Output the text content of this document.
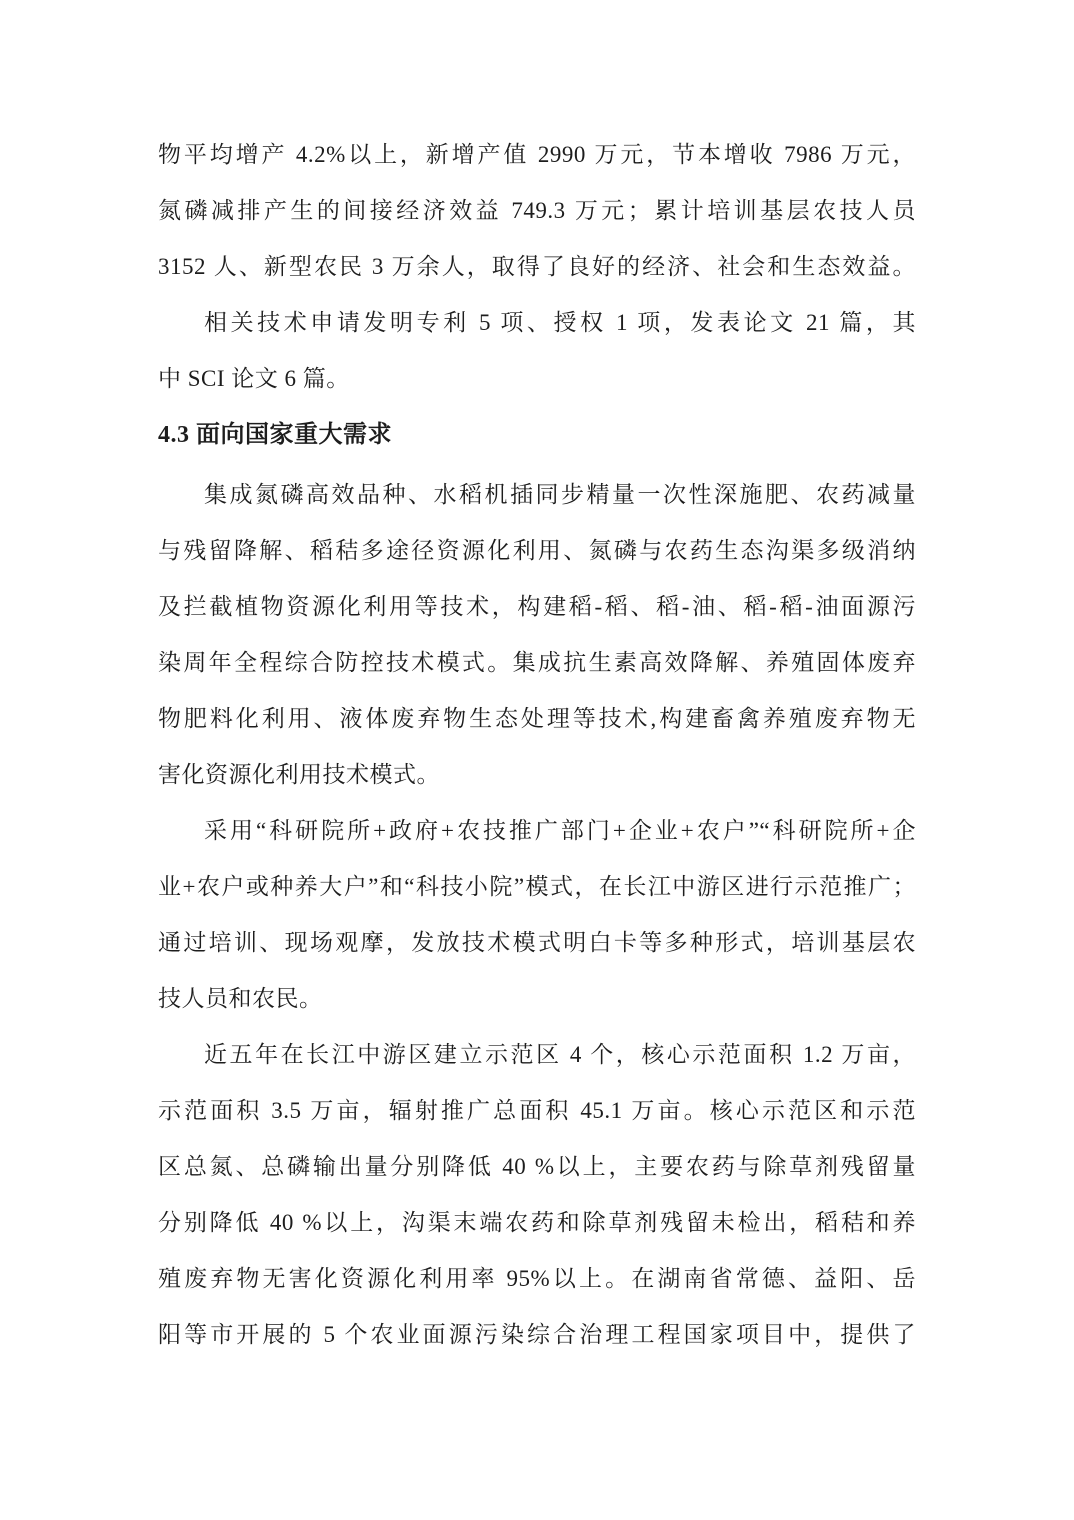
物平均增产 4.2%以上，新增产值 2990 万元，节本增收 7986 万元，
氮磷减排产生的间接经济效益 749.3 万元；累计培训基层农技人员
3152 人、新型农民 3 万余人，取得了良好的经济、社会和生态效益。
相关技术申请发明专利 5 项、授权 1 项，发表论文 21 篇，其
中 SCI 论文 6 篇。
4.3 面向国家重大需求
集成氮磷高效品种、水稻机插同步精量一次性深施肥、农药减量
与残留降解、稻秸多途径资源化利用、氮磷与农药生态沟渠多级消纳
及拦截植物资源化利用等技术，构建稻-稻、稻-油、稻-稻-油面源污
染周年全程综合防控技术模式。集成抗生素高效降解、养殖固体废弃
物肥料化利用、液体废弃物生态处理等技术,构建畜禽养殖废弃物无
害化资源化利用技术模式。
采用“科研院所+政府+农技推广部门+企业+农户”“科研院所+企
业+农户或种养大户”和“科技小院”模式，在长江中游区进行示范推广；
通过培训、现场观摩，发放技术模式明白卡等多种形式，培训基层农
技人员和农民。
近五年在长江中游区建立示范区 4 个，核心示范面积 1.2 万亩，
示范面积 3.5 万亩，辐射推广总面积 45.1 万亩。核心示范区和示范
区总氮、总磷输出量分别降低 40 %以上，主要农药与除草剂残留量
分别降低 40 %以上，沟渠末端农药和除草剂残留未检出，稻秸和养
殖废弃物无害化资源化利用率 95%以上。在湖南省常德、益阳、岳
阳等市开展的 5 个农业面源污染综合治理工程国家项目中，提供了
